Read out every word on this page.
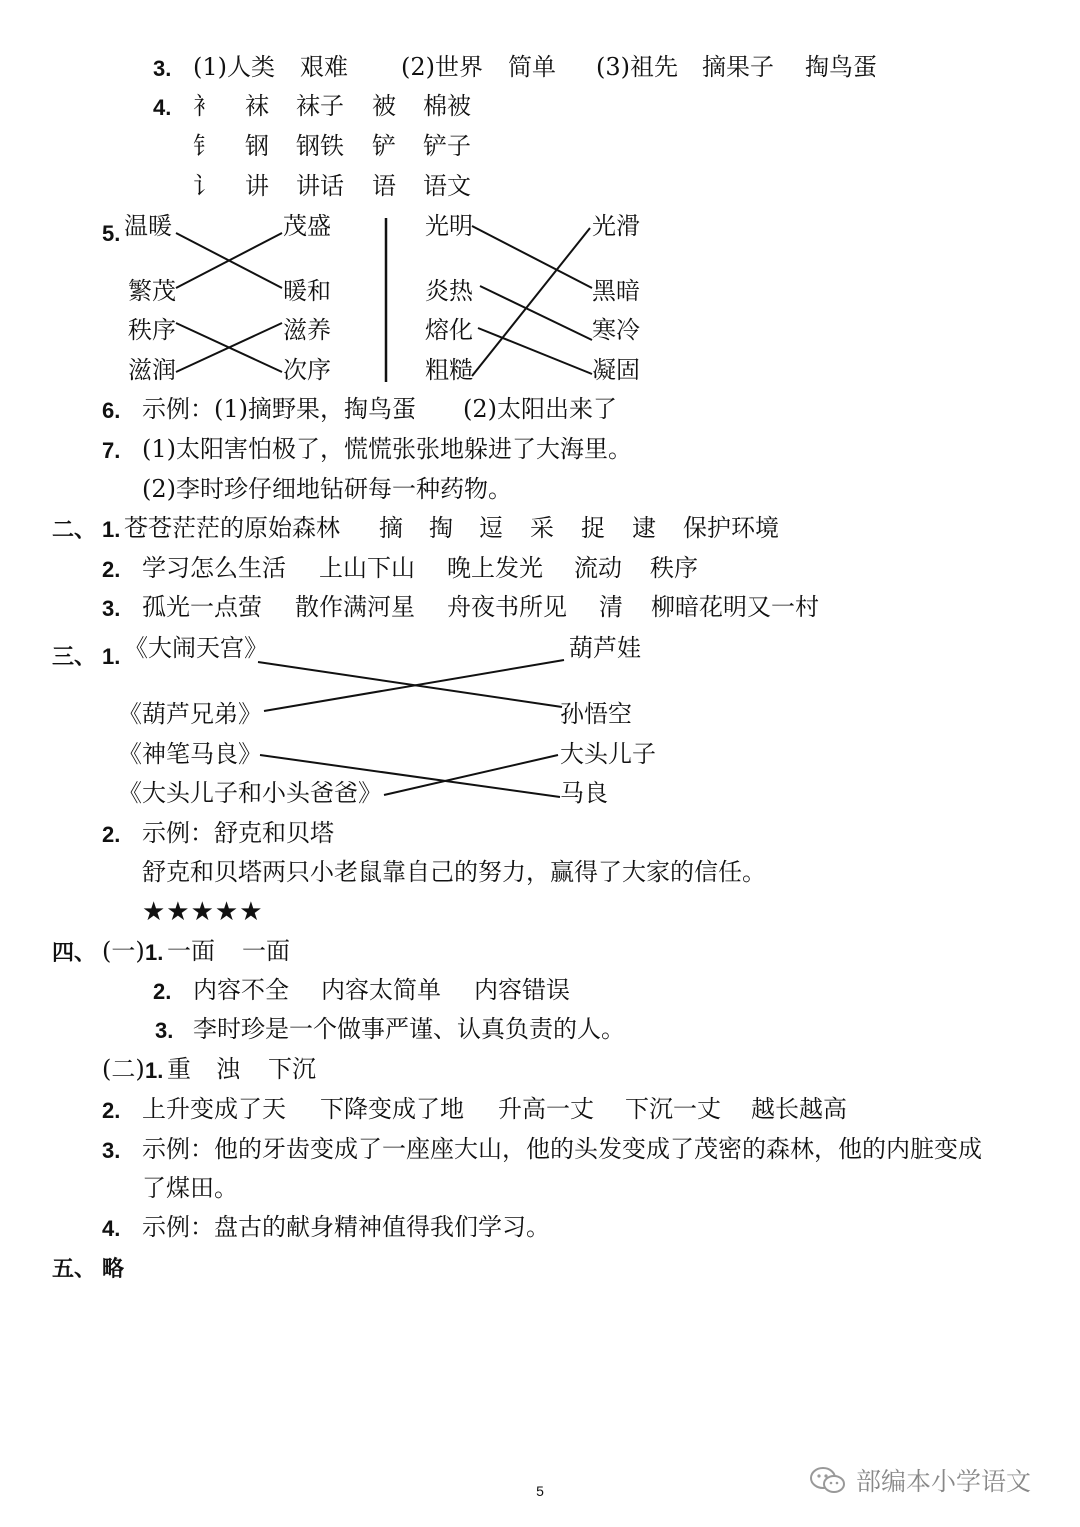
3. (1)人类 艰难 (2)世界 简单 (3)祖先 摘果子 掏鸟蛋
4. 衤 袜 袜子 被 棉被
钅 钢 钢铁 铲 铲子
讠 讲 讲话 语 语文
5. 温暖
繁茂
秩序
滋润
茂盛
暖和
滋养
次序
光明
炎热
熔化
粗糙
光滑
黑暗
寒冷
凝固
6. 示例：(1)摘野果，掏鸟蛋 (2)太阳出来了
7. (1)太阳害怕极了，慌慌张张地躲进了大海里。
(2)李时珍仔细地钻研每一种药物。
二、 1. 苍苍茫茫的原始森林 摘 掏 逗 采 捉 逮 保护环境
2. 学习怎么生活 上山下山 晚上发光 流动 秩序
3. 孤光一点萤 散作满河星 舟夜书所见 清 柳暗花明又一村
三、 1. 《大闹天宫》
《葫芦兄弟》
《神笔马良》
《大头儿子和小头爸爸》
葫芦娃
孙悟空
大头儿子
马良
2. 示例：舒克和贝塔
舒克和贝塔两只小老鼠靠自己的努力，赢得了大家的信任。
★★★★★
四、 (一) 1. 一面 一面
2. 内容不全 内容太简单 内容错误
3. 李时珍是一个做事严谨、认真负责的人。
(二) 1. 重 浊 下沉
2. 上升变成了天 下降变成了地 升高一丈 下沉一丈 越长越高
3. 示例：他的牙齿变成了一座座大山，他的头发变成了茂密的森林，他的内脏变成
了煤田。
4. 示例：盘古的献身精神值得我们学习。
五、 略
5	部编本小学语文
